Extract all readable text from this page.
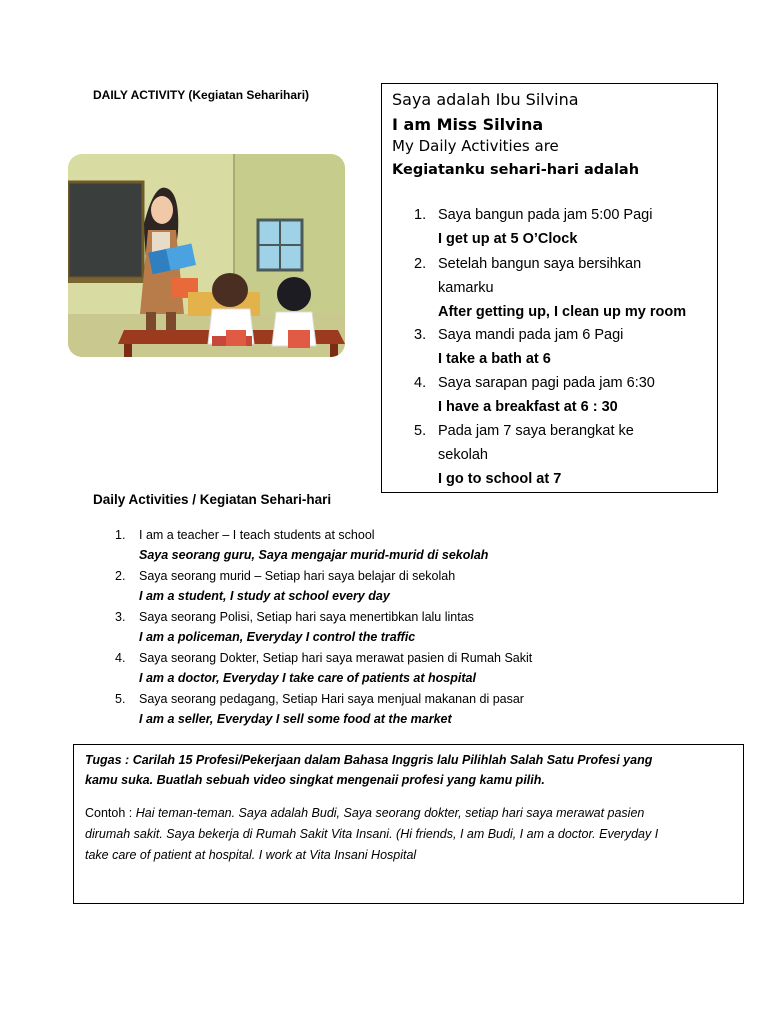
DAILY ACTIVITY (Kegiatan Seharihari)	Saya adalah Ibu Silvina
I am Miss Silvina
My Daily Activities are
Kegiatanku sehari-hari adalah
1. Saya bangun pada jam 5:00 Pagi
I get up at 5 O’Clock
2. Setelah bangun saya bersihkan
kamarku
After getting up, I clean up my room
3. Saya mandi pada jam 6 Pagi
I take a bath at 6
4. Saya sarapan pagi pada jam 6:30
I have a breakfast at 6 : 30
5. Pada jam 7 saya berangkat ke
sekolah
I go to school at 7
Daily Activities / Kegiatan Sehari-hari
1. I am a teacher – I teach students at school
Saya seorang guru, Saya mengajar murid-murid di sekolah
2. Saya seorang murid – Setiap hari saya belajar di sekolah
I am a student, I study at school every day
3. Saya seorang Polisi, Setiap hari saya menertibkan lalu lintas
I am a policeman, Everyday I control the traffic
4. Saya seorang Dokter, Setiap hari saya merawat pasien di Rumah Sakit
I am a doctor, Everyday I take care of patients at hospital
5. Saya seorang pedagang, Setiap Hari saya menjual makanan di pasar
I am a seller, Everyday I sell some food at the market
Tugas : Carilah 15 Profesi/Pekerjaan dalam Bahasa Inggris lalu Pilihlah Salah Satu Profesi yang
kamu suka. Buatlah sebuah video singkat mengenaii profesi yang kamu pilih.
Contoh : Hai teman-teman. Saya adalah Budi, Saya seorang dokter, setiap hari saya merawat pasien
dirumah sakit. Saya bekerja di Rumah Sakit Vita Insani. (Hi friends, I am Budi, I am a doctor. Everyday I
take care of patient at hospital. I work at Vita Insani Hospital
